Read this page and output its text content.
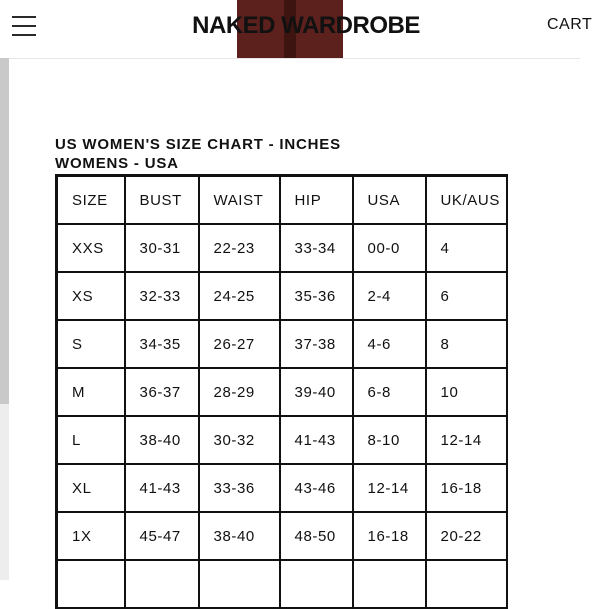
NAKED WARDROBE	CART
US WOMEN'S SIZE CHART - INCHES
WOMENS - USA
SIZE	BUST	WAIST	HIP	USA	UK/AUS
XXS	30-31	22-23	33-34	00-0	4
XS	32-33	24-25	35-36	2-4	6
S	34-35	26-27	37-38	4-6	8
M	36-37	28-29	39-40	6-8	10
L	38-40	30-32	41-43	8-10	12-14
XL	41-43	33-36	43-46	12-14	16-18
1X	45-47	38-40	48-50	16-18	20-22
